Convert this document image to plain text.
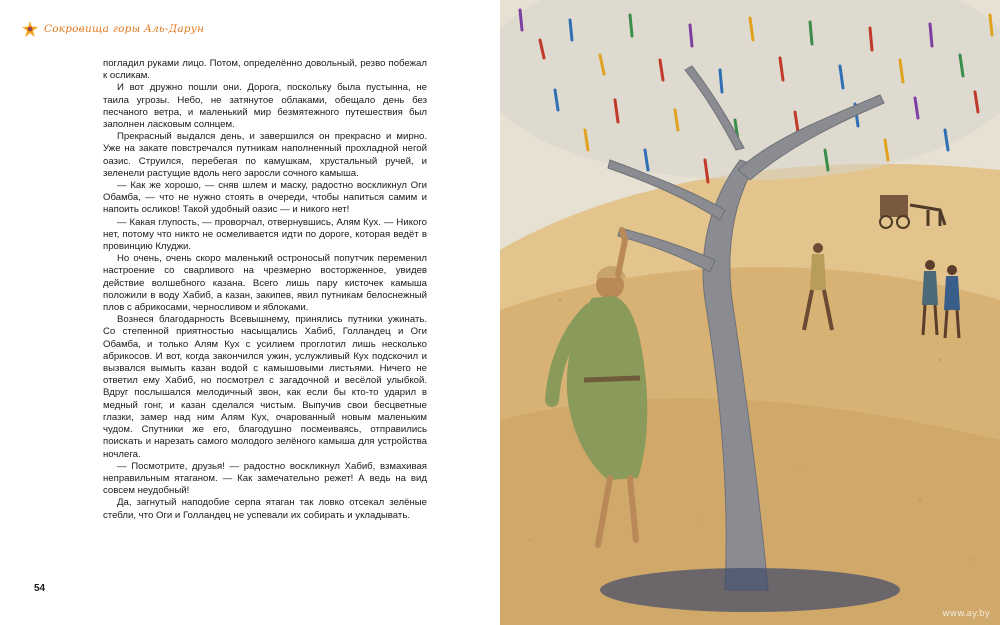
Сокровища горы Аль-Дарун

погладил руками лицо. Потом, определённо довольный, резво побежал к осликам.

И вот дружно пошли они. Дорога, поскольку была пустынна, не таила угрозы. Небо, не затянутое облаками, обещало день без песчаного ветра, и маленький мир безмятежного путешествия был заполнен ласковым солнцем.

Прекрасный выдался день, и завершился он прекрасно и мирно. Уже на закате повстречался путникам наполненный прохладной негой оазис. Струился, перебегая по камушкам, хрустальный ручей, и зеленели растущие вдоль него заросли сочного камыша.

— Как же хорошо, — сняв шлем и маску, радостно воскликнул Оги Обамба, — что не нужно стоять в очереди, чтобы напиться самим и напоить осликов! Такой удобный оазис — и никого нет!

— Какая глупость, — проворчал, отвернувшись, Алям Кух. — Никого нет, потому что никто не осмеливается идти по дороге, которая ведёт в провинцию Клуджи.

Но очень, очень скоро маленький остроносый попутчик переменил настроение со сварливого на чрезмерно восторженное, увидев действие волшебного казана. Всего лишь пару кисточек камыша положили в воду Хабиб, а казан, закипев, явил путникам белоснежный плов с абрикосами, черносливом и яблоками.

Вознеся благодарность Всевышнему, принялись путники ужинать. Со степенной приятностью насыщались Хабиб, Голландец и Оги Обамба, и только Алям Кух с усилием проглотил лишь несколько абрикосов. И вот, когда закончился ужин, услужливый Кух подскочил и вызвался вымыть казан водой с камышовыми листьями. Ничего не ответил ему Хабиб, но посмотрел с загадочной и весёлой улыбкой. Вдруг послышался мелодичный звон, как если бы кто-то ударил в медный гонг, и казан сделался чистым. Выпучив свои бесцветные глазки, замер над ним Алям Кух, очарованный новым маленьким чудом. Спутники же его, благодушно посмеиваясь, отправились поискать и нарезать самого молодого зелёного камыша для устройства ночлега.

— Посмотрите, друзья! — радостно воскликнул Хабиб, взмахивая неправильным ятаганом. — Как замечательно режет! А ведь на вид совсем неудобный!

Да, загнутый наподобие серпа ятаган так ловко отсекал зелёные стебли, что Оги и Голландец не успевали их собирать и укладывать.

54
www.ay.by
